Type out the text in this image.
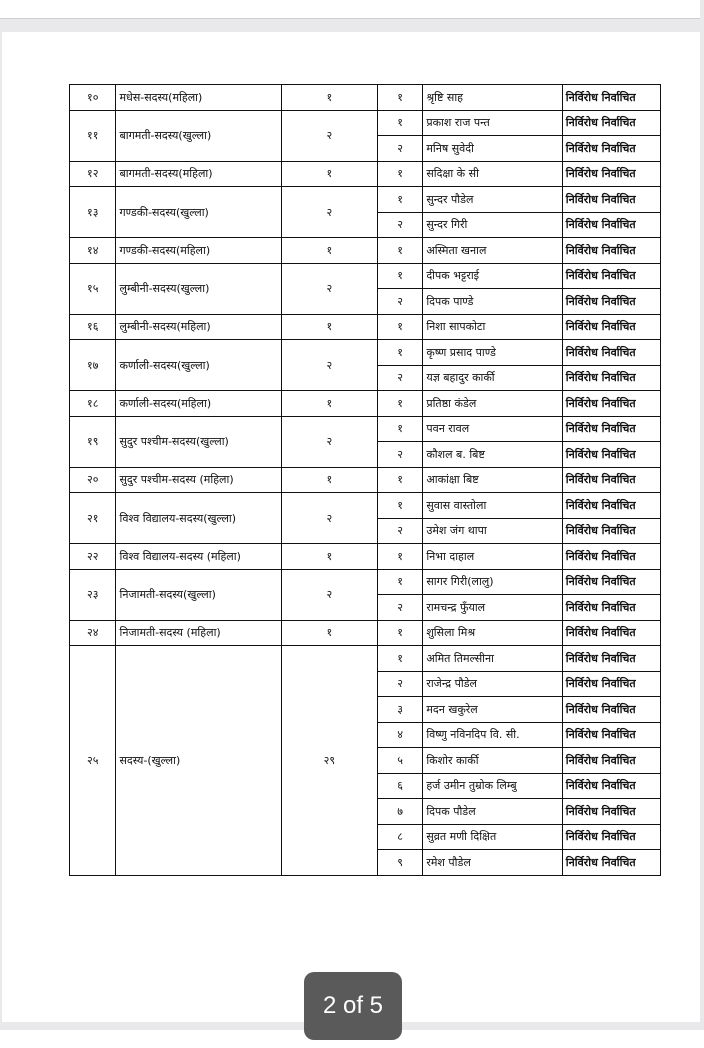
१०	मधेस-सदस्य(महिला)	१	१	श्रृष्टि साह	निर्विरोध निर्वाचित
११	बागमती-सदस्य(खुल्ला)	२	१	प्रकाश राज पन्त	निर्विरोध निर्वाचित
			२	मनिष सुवेदी	निर्विरोध निर्वाचित
१२	बागमती-सदस्य(महिला)	१	१	सदिक्षा के सी	निर्विरोध निर्वाचित
१३	गण्डकी-सदस्य(खुल्ला)	२	१	सुन्दर पौडेल	निर्विरोध निर्वाचित
			२	सुन्दर गिरी	निर्विरोध निर्वाचित
१४	गण्डकी-सदस्य(महिला)	१	१	अस्मिता खनाल	निर्विरोध निर्वाचित
१५	लुम्बीनी-सदस्य(खुल्ला)	२	१	दीपक भट्टराई	निर्विरोध निर्वाचित
			२	दिपक पाण्डे	निर्विरोध निर्वाचित
१६	लुम्बीनी-सदस्य(महिला)	१	१	निशा सापकोटा	निर्विरोध निर्वाचित
१७	कर्णाली-सदस्य(खुल्ला)	२	१	कृष्ण प्रसाद पाण्डे	निर्विरोध निर्वाचित
			२	यज्ञ बहादुर कार्की	निर्विरोध निर्वाचित
१८	कर्णाली-सदस्य(महिला)	१	१	प्रतिष्ठा कंडेल	निर्विरोध निर्वाचित
१९	सुदुर पश्चीम-सदस्य(खुल्ला)	२	१	पवन रावल	निर्विरोध निर्वाचित
			२	कौशल ब. बिष्ट	निर्विरोध निर्वाचित
२०	सुदुर पश्चीम-सदस्य (महिला)	१	१	आकांक्षा बिष्ट	निर्विरोध निर्वाचित
२१	विश्व विद्यालय-सदस्य(खुल्ला)	२	१	सुवास वास्तोला	निर्विरोध निर्वाचित
			२	उमेश जंग थापा	निर्विरोध निर्वाचित
२२	विश्व विद्यालय-सदस्य (महिला)	१	१	निभा दाहाल	निर्विरोध निर्वाचित
२३	निजामती-सदस्य(खुल्ला)	२	१	सागर गिरी(लालु)	निर्विरोध निर्वाचित
			२	रामचन्द्र फुँयाल	निर्विरोध निर्वाचित
२४	निजामती-सदस्य (महिला)	१	१	शुसिला मिश्र	निर्विरोध निर्वाचित
२५	सदस्य-(खुल्ला)	२९	१	अमित तिमल्सीना	निर्विरोध निर्वाचित
			२	राजेन्द्र पौडेल	निर्विरोध निर्वाचित
			३	मदन खकुरेल	निर्विरोध निर्वाचित
			४	विष्णु नविनदिप वि. सी.	निर्विरोध निर्वाचित
			५	किशोर कार्की	निर्विरोध निर्वाचित
			६	हर्ज उमीन तुम्रोक लिम्बु	निर्विरोध निर्वाचित
			७	दिपक पौडेल	निर्विरोध निर्वाचित
			८	सुव्रत मणी दिक्षित	निर्विरोध निर्वाचित
			९	रमेश पौडेल	निर्विरोध निर्वाचित
2 of 5
